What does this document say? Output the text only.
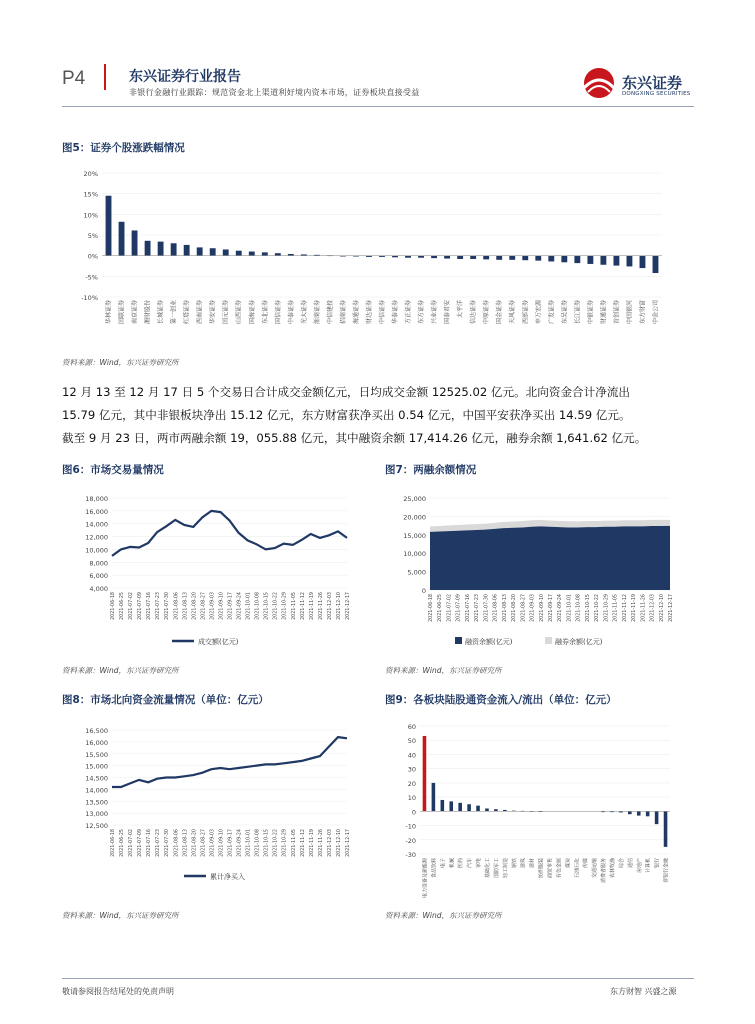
P4	东兴证券行业报告
非银行金融行业跟踪：规范资金北上渠道利好境内资本市场，证券板块直接受益
东兴证券
DONGXING SECURITIES
图5：证券个股涨跌幅情况
20%
15%
10%
5%
0%
-5%
-10%
华林证券 国联证券 南京证券 湘财股份 长城证券 第一创业 红塔证券 西南证券 华安证券 国元证券 山西证券 国海证券 东北证券 国信证券 中泰证券 光大证券 浙商证券 中信建投 招商证券 海通证券 财达证券 中信证券 华泰证券 方正证券 东方证券 兴业证券 国泰君安 太平洋 信达证券 中原证券 国金证券 天风证券 西部证券 申万宏源 广发证券 东吴证券 长江证券 中银证券 财通证券 首创证券 中国银河 东方财富 中金公司
资料来源：Wind，东兴证券研究所

12 月 13 至 12 月 17 日 5 个交易日合计成交金额亿元，日均成交金额 12525.02 亿元。北向资金合计净流出

15.79 亿元，其中非银板块净出 15.12 亿元，东方财富获净买出 0.54 亿元，中国平安获净买出 14.59 亿元。

截至 9 月 23 日，两市两融余额 19，055.88 亿元，其中融资余额 17,414.26 亿元，融券余额 1,641.62 亿元。

图6：市场交易量情况
18,000
16,000
14,000
12,000
10,000
8,000
6,000
4,000
2021-06-18 2021-06-25 2021-07-02 2021-07-09 2021-07-16 2021-07-23 2021-07-30 2021-08-06 2021-08-13 2021-08-20 2021-08-27 2021-09-03 2021-09-10 2021-09-17 2021-09-24 2021-10-01 2021-10-08 2021-10-15 2021-10-22 2021-10-29 2021-11-05 2021-11-12 2021-11-19 2021-11-26 2021-12-03 2021-12-10 2021-12-17
成交额(亿元)
资料来源：Wind，东兴证券研究所
图7：两融余额情况
25,000
20,000
15,000
10,000
5,000
0
2021-06-18 2021-06-25 2021-07-02 2021-07-09 2021-07-16 2021-07-23 2021-07-30 2021-08-06 2021-08-13 2021-08-20 2021-08-27 2021-09-03 2021-09-10 2021-09-17 2021-09-24 2021-10-01 2021-10-08 2021-10-15 2021-10-22 2021-10-29 2021-11-05 2021-11-12 2021-11-19 2021-11-26 2021-12-03 2021-12-10 2021-12-17
融资余额(亿元)	融券余额(亿元)
资料来源：Wind，东兴证券研究所
图8：市场北向资金流量情况（单位：亿元）
16,500
16,000
15,500
15,000
14,500
14,000
13,500
13,000
12,500
2021-06-18 2021-06-25 2021-07-02 2021-07-09 2021-07-16 2021-07-23 2021-07-30 2021-08-06 2021-08-13 2021-08-20 2021-08-27 2021-09-03 2021-09-10 2021-09-17 2021-09-24 2021-10-01 2021-10-08 2021-10-15 2021-10-22 2021-10-29 2021-11-05 2021-11-12 2021-11-19 2021-11-26 2021-12-03 2021-12-10 2021-12-17
累计净买入
资料来源：Wind，东兴证券研究所
图9：各板块陆股通资金流入/流出（单位：亿元）
60
50
40
30
20
10
0
-10
-20
-30
电力设备及新能源 食品饮料 电子 机械 医药 汽车 家电 基础化工 国防军工 轻工制造 钢铁 建筑 建材 纺织服装 商贸零售 有色金属 煤炭 石油石化 传媒 交通运输 消费者服务 农林牧渔 综合 通信 房地产 计算机 银行 非银行金融
资料来源：Wind，东兴证券研究所
敬请参阅报告结尾处的免责声明	东方财智 兴盛之源
